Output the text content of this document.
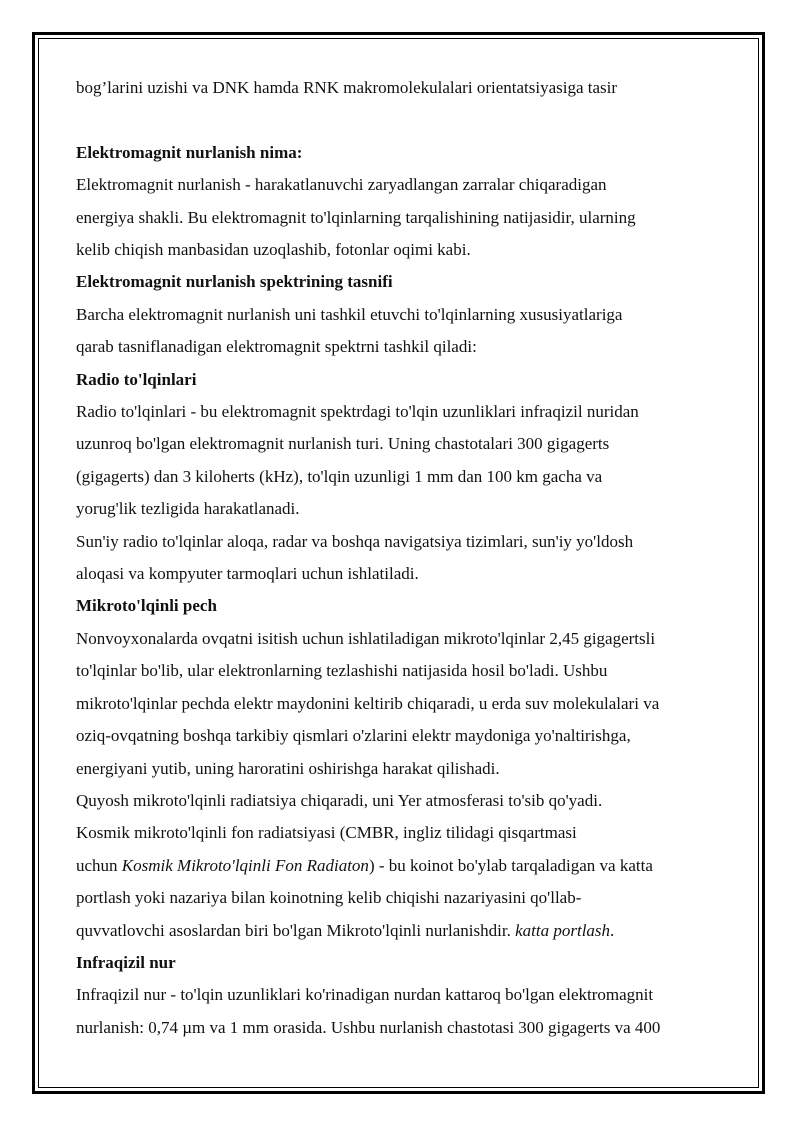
bog’larini uzishi va DNK hamda RNK makromolekulalari orientatsiyasiga tasir
Elektromagnit nurlanish nima:
Elektromagnit nurlanish - harakatlanuvchi zaryadlangan zarralar chiqaradigan
energiya shakli. Bu elektromagnit to'lqinlarning tarqalishining natijasidir, ularning
kelib chiqish manbasidan uzoqlashib, fotonlar oqimi kabi.
Elektromagnit nurlanish spektrining tasnifi
Barcha elektromagnit nurlanish uni tashkil etuvchi to'lqinlarning xususiyatlariga
qarab tasniflanadigan elektromagnit spektrni tashkil qiladi:
Radio to'lqinlari
Radio to'lqinlari - bu elektromagnit spektrdagi to'lqin uzunliklari infraqizil nuridan
uzunroq bo'lgan elektromagnit nurlanish turi. Uning chastotalari 300 gigagerts
(gigagerts) dan 3 kiloherts (kHz), to'lqin uzunligi 1 mm dan 100 km gacha va
yorug'lik tezligida harakatlanadi.
Sun'iy radio to'lqinlar aloqa, radar va boshqa navigatsiya tizimlari, sun'iy yo'ldosh
aloqasi va kompyuter tarmoqlari uchun ishlatiladi.
Mikroto'lqinli pech
Nonvoyxonalarda ovqatni isitish uchun ishlatiladigan mikroto'lqinlar 2,45 gigagertsli
to'lqinlar bo'lib, ular elektronlarning tezlashishi natijasida hosil bo'ladi. Ushbu
mikroto'lqinlar pechda elektr maydonini keltirib chiqaradi, u erda suv molekulalari va
oziq-ovqatning boshqa tarkibiy qismlari o'zlarini elektr maydoniga yo'naltirishga,
energiyani yutib, uning haroratini oshirishga harakat qilishadi.
Quyosh mikroto'lqinli radiatsiya chiqaradi, uni Yer atmosferasi to'sib qo'yadi.
Kosmik mikroto'lqinli fon radiatsiyasi (CMBR, ingliz tilidagi qisqartmasi
uchun Kosmik Mikroto'lqinli Fon Radiaton) - bu koinot bo'ylab tarqaladigan va katta
portlash yoki nazariya bilan koinotning kelib chiqishi nazariyasini qo'llab-
quvvatlovchi asoslardan biri bo'lgan Mikroto'lqinli nurlanishdir. katta portlash.
Infraqizil nur
Infraqizil nur - to'lqin uzunliklari ko'rinadigan nurdan kattaroq bo'lgan elektromagnit
nurlanish: 0,74 µm va 1 mm orasida. Ushbu nurlanish chastotasi 300 gigagerts va 400
